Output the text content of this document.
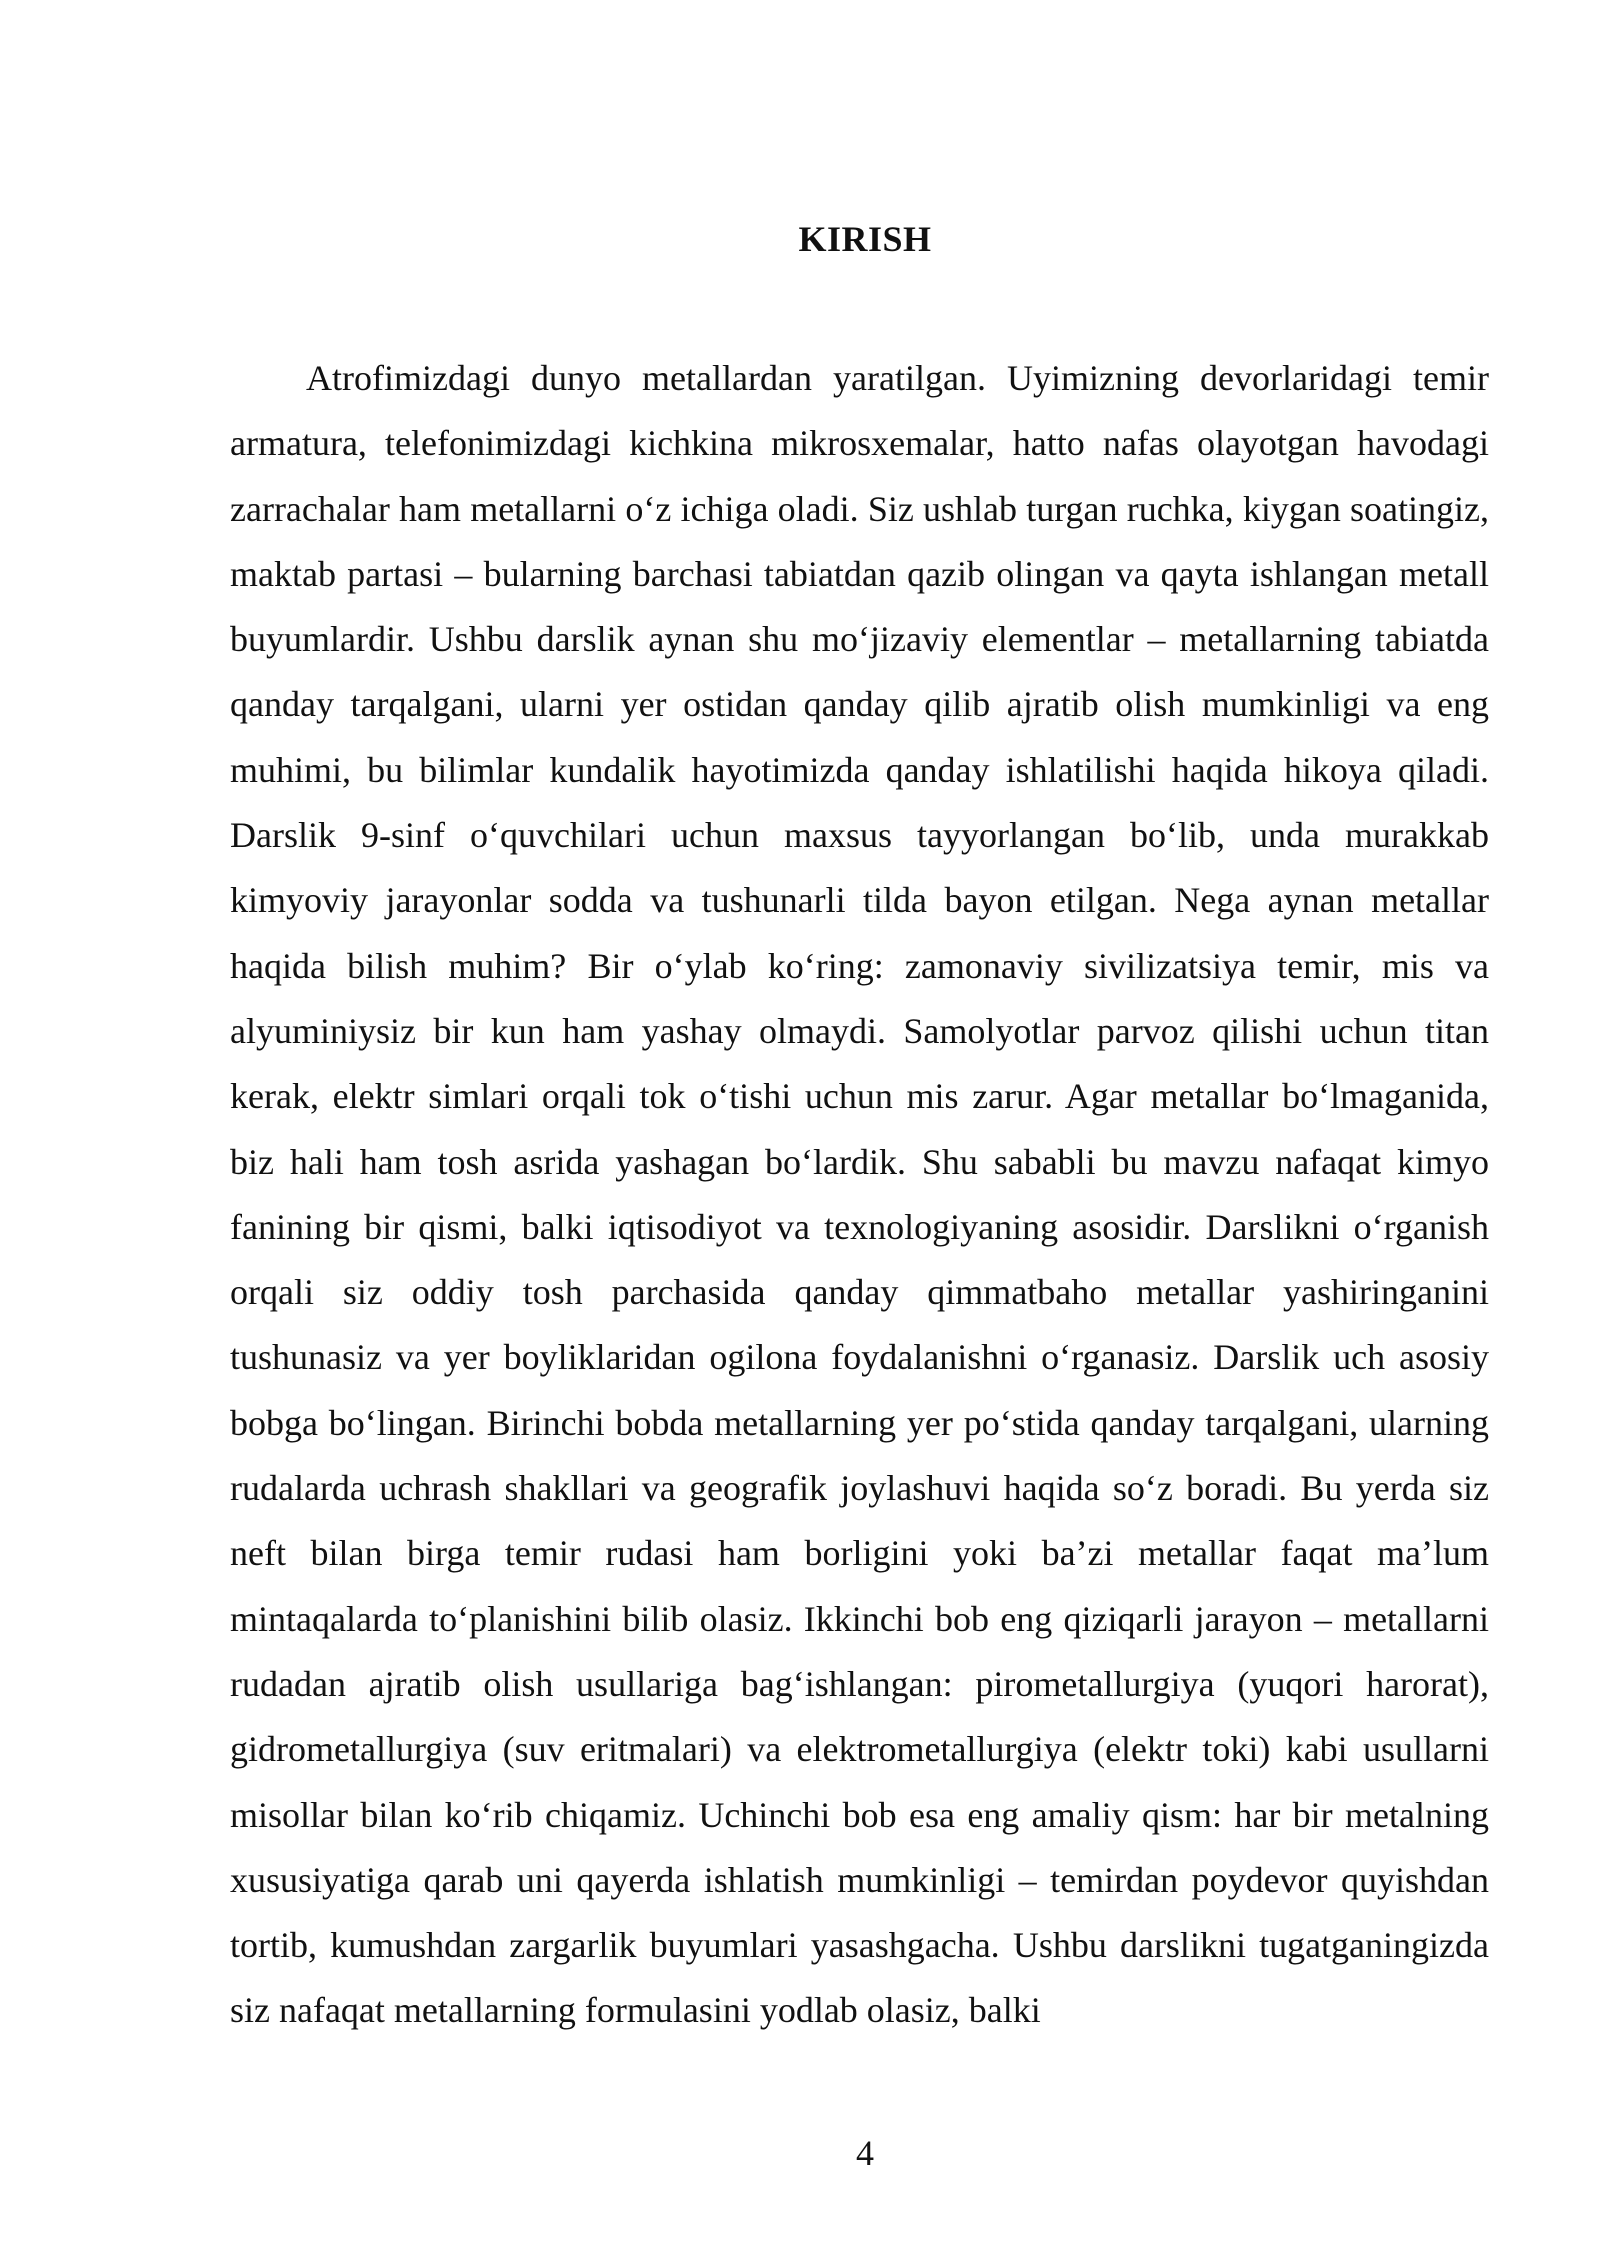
KIRISH

Atrofimizdagi dunyo metallardan yaratilgan. Uyimizning devorlaridagi temir armatura, telefonimizdagi kichkina mikrosxemalar, hatto nafas olayotgan havodagi zarrachalar ham metallarni o‘z ichiga oladi. Siz ushlab turgan ruchka, kiygan soatingiz, maktab partasi – bularning barchasi tabiatdan qazib olingan va qayta ishlangan metall buyumlardir. Ushbu darslik aynan shu mo‘jizaviy elementlar – metallarning tabiatda qanday tarqalgani, ularni yer ostidan qanday qilib ajratib olish mumkinligi va eng muhimi, bu bilimlar kundalik hayotimizda qanday ishlatilishi haqida hikoya qiladi. Darslik 9-sinf o‘quvchilari uchun maxsus tayyorlangan bo‘lib, unda murakkab kimyoviy jarayonlar sodda va tushunarli tilda bayon etilgan. Nega aynan metallar haqida bilish muhim? Bir o‘ylab ko‘ring: zamonaviy sivilizatsiya temir, mis va alyuminiysiz bir kun ham yashay olmaydi. Samolyotlar parvoz qilishi uchun titan kerak, elektr simlari orqali tok o‘tishi uchun mis zarur. Agar metallar bo‘lmaganida, biz hali ham tosh asrida yashagan bo‘lardik. Shu sababli bu mavzu nafaqat kimyo fanining bir qismi, balki iqtisodiyot va texnologiyaning asosidir. Darslikni o‘rganish orqali siz oddiy tosh parchasida qanday qimmatbaho metallar yashiringanini tushunasiz va yer boyliklaridan ogilona foydalanishni o‘rganasiz. Darslik uch asosiy bobga bo‘lingan. Birinchi bobda metallarning yer po‘stida qanday tarqalgani, ularning rudalarda uchrash shakllari va geografik joylashuvi haqida so‘z boradi. Bu yerda siz neft bilan birga temir rudasi ham borligini yoki ba’zi metallar faqat ma’lum mintaqalarda to‘planishini bilib olasiz. Ikkinchi bob eng qiziqarli jarayon – metallarni rudadan ajratib olish usullariga bag‘ishlangan: pirometallurgiya (yuqori harorat), gidrometallurgiya (suv eritmalari) va elektrometallurgiya (elektr toki) kabi usullarni misollar bilan ko‘rib chiqamiz. Uchinchi bob esa eng amaliy qism: har bir metalning xususiyatiga qarab uni qayerda ishlatish mumkinligi – temirdan poydevor quyishdan tortib, kumushdan zargarlik buyumlari yasashgacha. Ushbu darslikni tugatganingizda siz nafaqat metallarning formulasini yodlab olasiz, balki

4
